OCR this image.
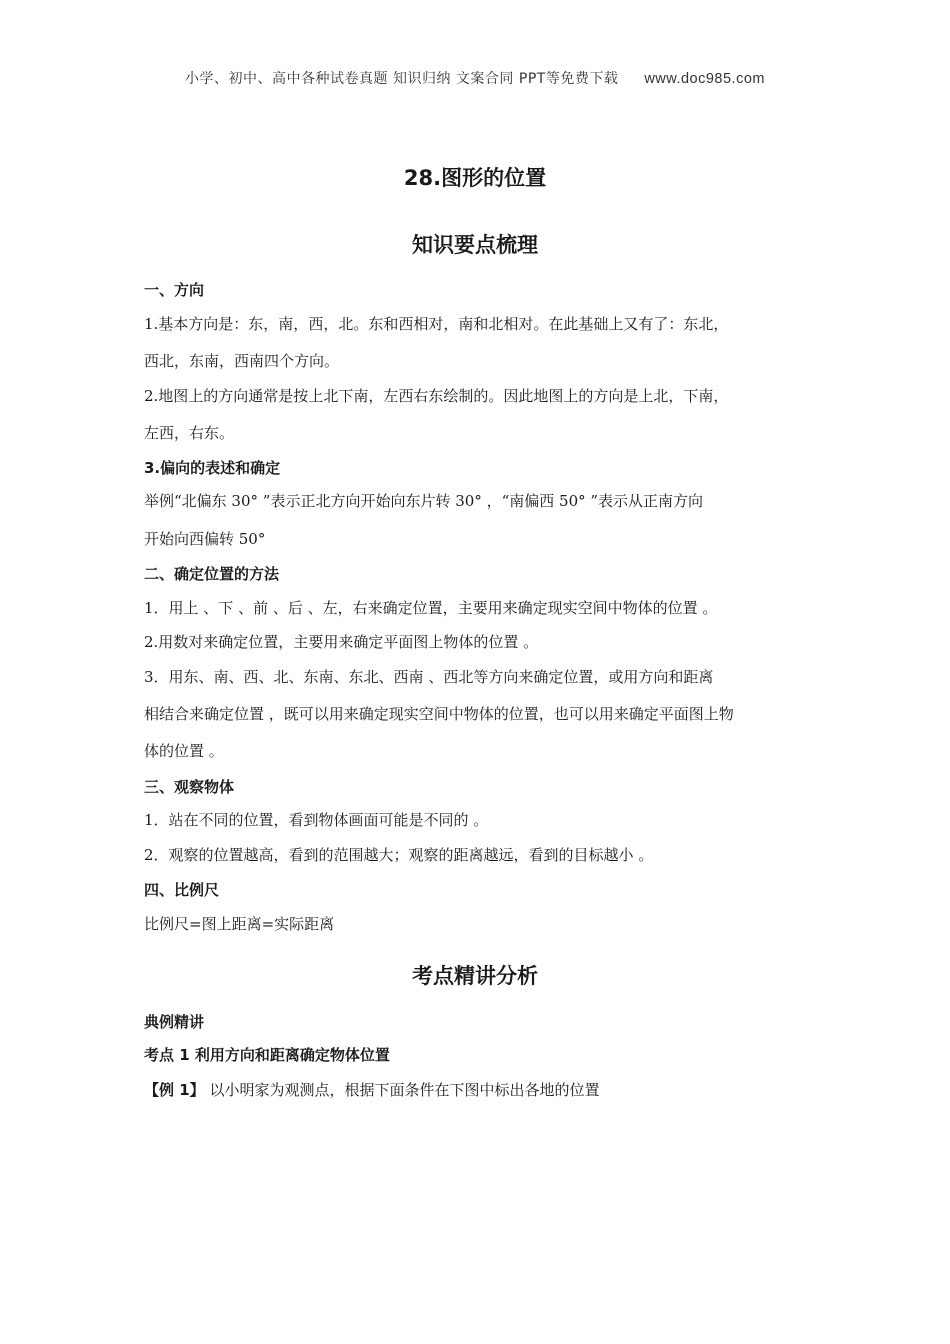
小学、初中、高中各种试卷真题 知识归纳 文案合同 PPT等免费下载 www.doc985.com
28.图形的位置
知识要点梳理
一、方向
1.基本方向是：东，南，西，北。东和西相对，南和北相对。在此基础上又有了：东北，
西北，东南，西南四个方向。
2.地图上的方向通常是按上北下南，左西右东绘制的。因此地图上的方向是上北，下南，
左西，右东。
3.偏向的表述和确定
举例“北偏东 30° ”表示正北方向开始向东片转 30° ，“南偏西 50° ”表示从正南方向
开始向西偏转 50°
二、确定位置的方法
1．用上 、下 、前 、后 、左，右来确定位置，主要用来确定现实空间中物体的位置 。
2.用数对来确定位置，主要用来确定平面图上物体的位置 。
3．用东、南、西、北、东南、东北、西南 、西北等方向来确定位置，或用方向和距离
相结合来确定位置 ，既可以用来确定现实空间中物体的位置，也可以用来确定平面图上物
体的位置 。
三、观察物体
1．站在不同的位置，看到物体画面可能是不同的 。
2．观察的位置越高，看到的范围越大；观察的距离越远，看到的目标越小 。
四、比例尺
比例尺=图上距离=实际距离
考点精讲分析
典例精讲
考点 1 利用方向和距离确定物体位置
【例 1】 以小明家为观测点，根据下面条件在下图中标出各地的位置
